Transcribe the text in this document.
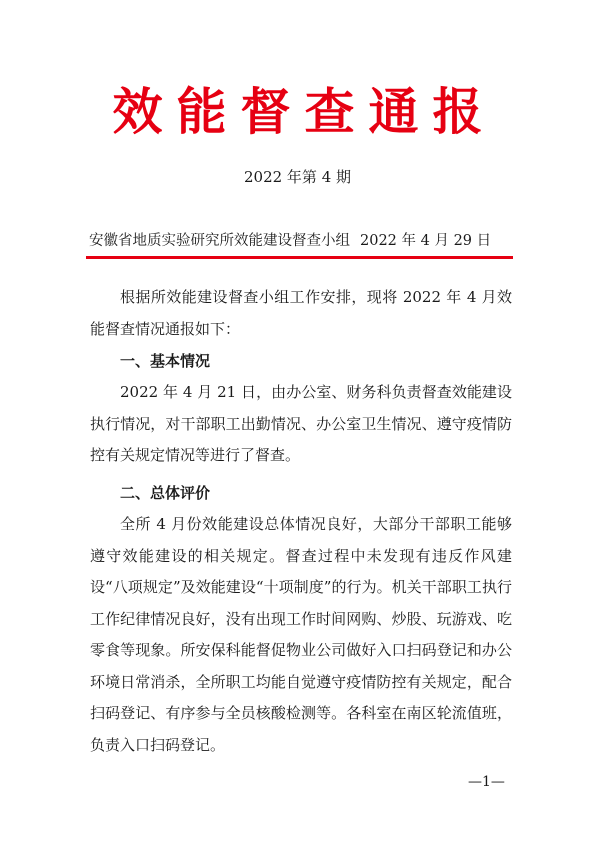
效能督查通报
2022 年第 4 期
安徽省地质实验研究所效能建设督查小组 2022 年 4 月 29 日

根据所效能建设督查小组工作安排，现将 2022 年 4 月效能督查情况通报如下：

一、基本情况

2022 年 4 月 21 日，由办公室、财务科负责督查效能建设执行情况，对干部职工出勤情况、办公室卫生情况、遵守疫情防控有关规定情况等进行了督查。

二、总体评价

全所 4 月份效能建设总体情况良好，大部分干部职工能够遵守效能建设的相关规定。督查过程中未发现有违反作风建设“八项规定”及效能建设“十项制度”的行为。机关干部职工执行工作纪律情况良好，没有出现工作时间网购、炒股、玩游戏、吃零食等现象。所安保科能督促物业公司做好入口扫码登记和办公环境日常消杀，全所职工均能自觉遵守疫情防控有关规定，配合扫码登记、有序参与全员核酸检测等。各科室在南区轮流值班，负责入口扫码登记。

—1—
